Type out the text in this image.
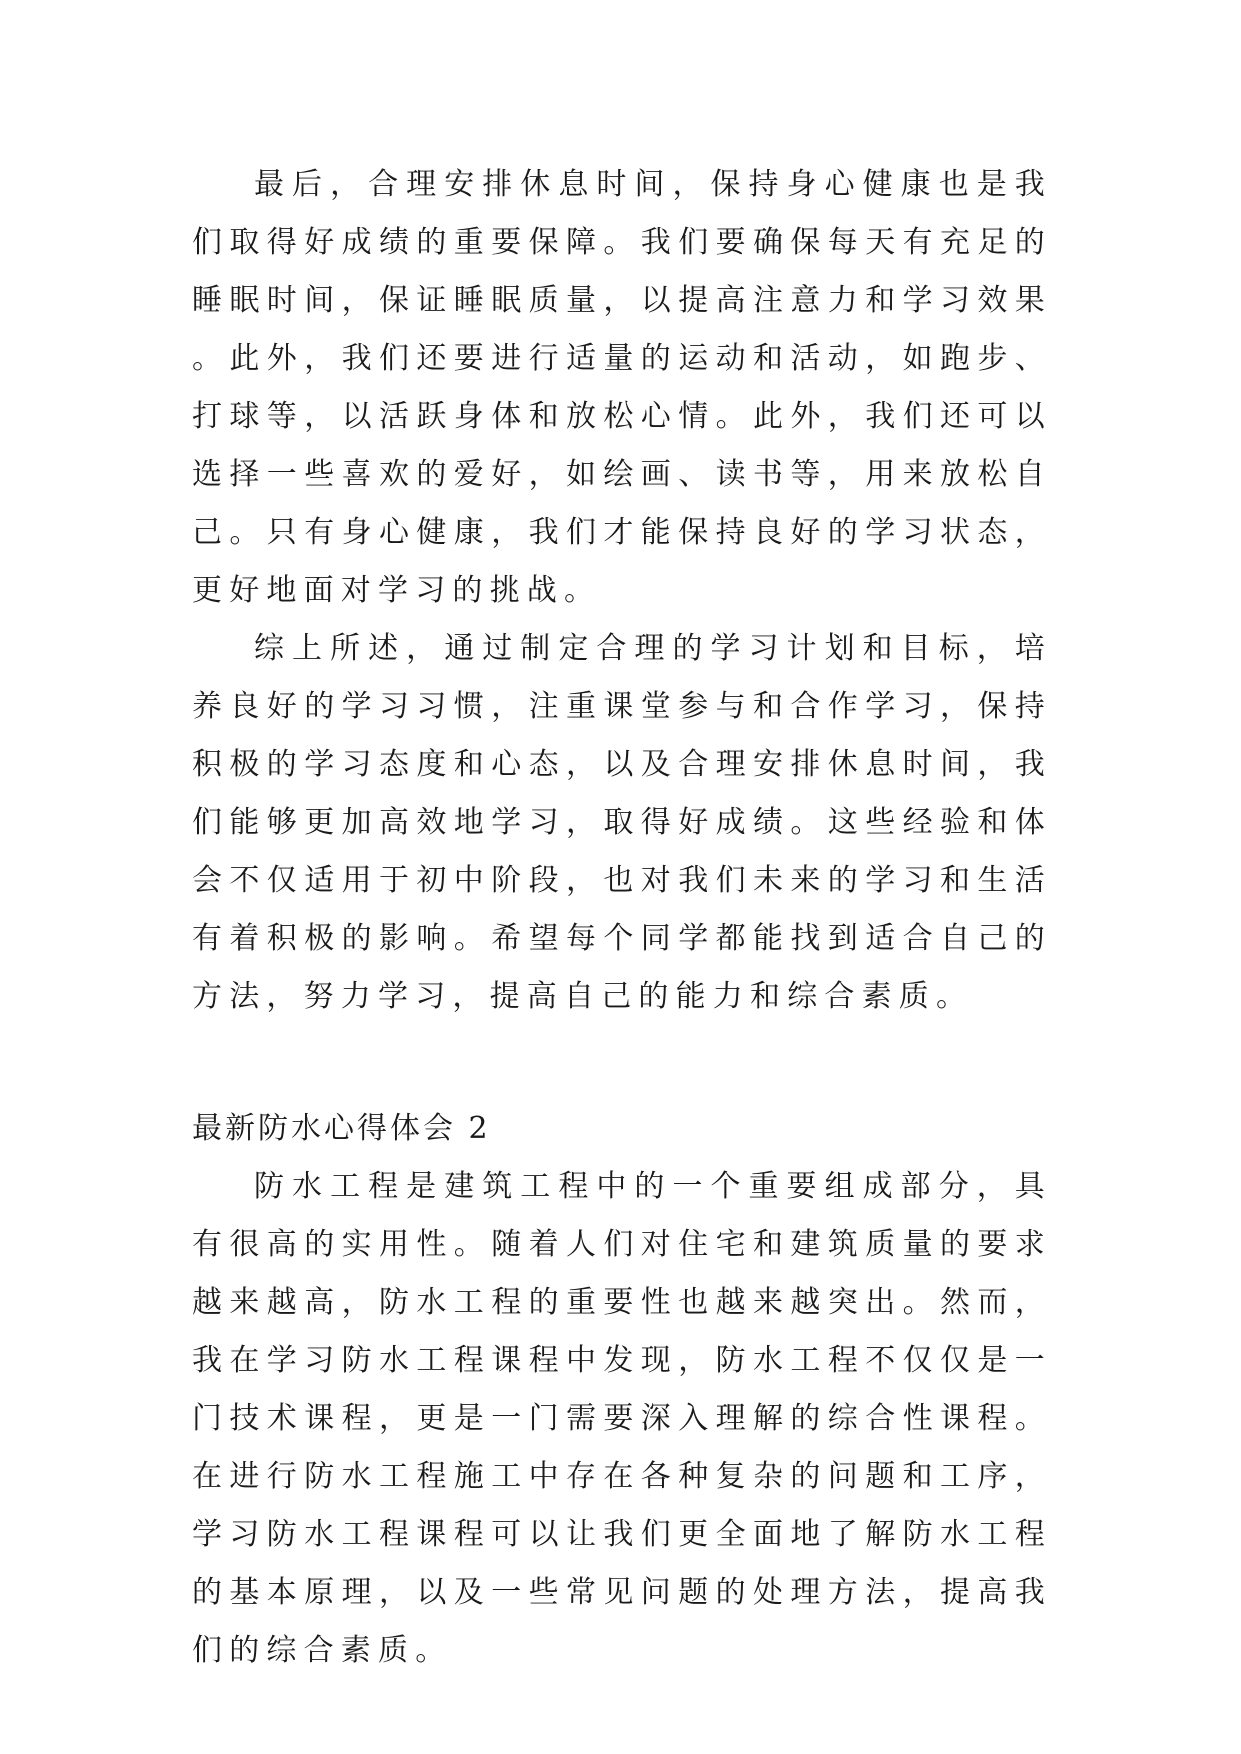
最后，合理安排休息时间，保持身心健康也是我们取得好成绩的重要保障。我们要确保每天有充足的睡眠时间，保证睡眠质量，以提高注意力和学习效果。此外，我们还要进行适量的运动和活动，如跑步、打球等，以活跃身体和放松心情。此外，我们还可以选择一些喜欢的爱好，如绘画、读书等，用来放松自己。只有身心健康，我们才能保持良好的学习状态，更好地面对学习的挑战。

综上所述，通过制定合理的学习计划和目标，培养良好的学习习惯，注重课堂参与和合作学习，保持积极的学习态度和心态，以及合理安排休息时间，我们能够更加高效地学习，取得好成绩。这些经验和体会不仅适用于初中阶段，也对我们未来的学习和生活有着积极的影响。希望每个同学都能找到适合自己的方法，努力学习，提高自己的能力和综合素质。

最新防水心得体会 2

防水工程是建筑工程中的一个重要组成部分，具有很高的实用性。随着人们对住宅和建筑质量的要求越来越高，防水工程的重要性也越来越突出。然而，我在学习防水工程课程中发现，防水工程不仅仅是一门技术课程，更是一门需要深入理解的综合性课程。在进行防水工程施工中存在各种复杂的问题和工序，学习防水工程课程可以让我们更全面地了解防水工程的基本原理，以及一些常见问题的处理方法，提高我们的综合素质。
